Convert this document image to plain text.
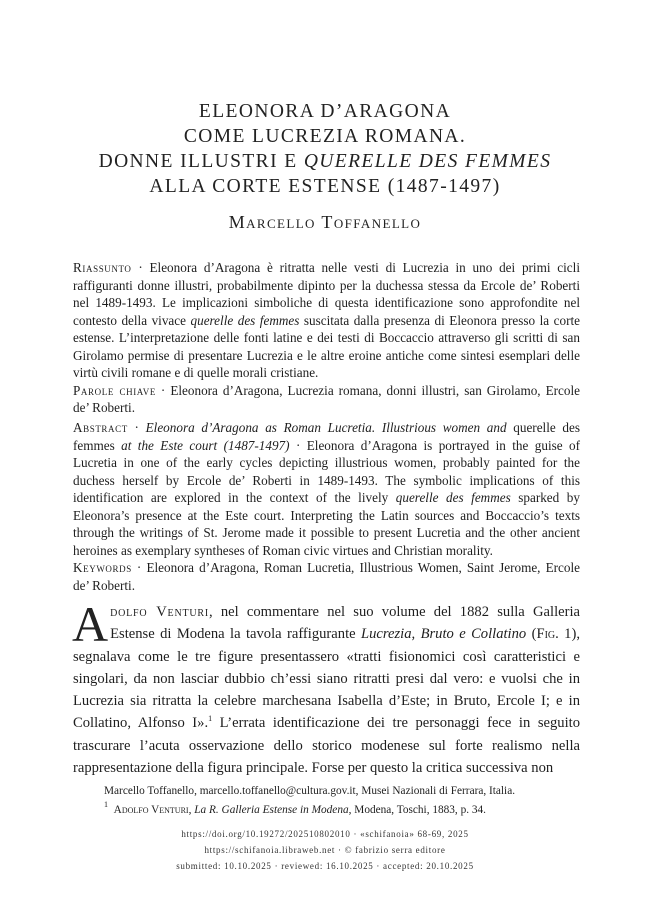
ELEONORA D’ARAGONA
COME LUCREZIA ROMANA.
DONNE ILLUSTRI E QUERELLE DES FEMMES
ALLA CORTE ESTENSE (1487-1497)
Marcello Toffanello

Riassunto · Eleonora d’Aragona è ritratta nelle vesti di Lucrezia in uno dei primi cicli raffiguranti donne illustri, probabilmente dipinto per la duchessa stessa da Ercole de’ Roberti nel 1489-1493. Le implicazioni simboliche di questa identificazione sono approfondite nel contesto della vivace querelle des femmes suscitata dalla presenza di Eleonora presso la corte estense. L’interpretazione delle fonti latine e dei testi di Boccaccio attraverso gli scritti di san Girolamo permise di presentare Lucrezia e le altre eroine antiche come sintesi esemplari delle virtù civili romane e di quelle morali cristiane.

Parole chiave · Eleonora d’Aragona, Lucrezia romana, donni illustri, san Girolamo, Ercole de’ Roberti.

Abstract · Eleonora d’Aragona as Roman Lucretia. Illustrious women and querelle des femmes at the Este court (1487-1497) · Eleonora d’Aragona is portrayed in the guise of Lucretia in one of the early cycles depicting illustrious women, probably painted for the duchess herself by Ercole de’ Roberti in 1489-1493. The symbolic implications of this identification are explored in the context of the lively querelle des femmes sparked by Eleonora’s presence at the Este court. Interpreting the Latin sources and Boccaccio’s texts through the writings of St. Jerome made it possible to present Lucretia and the other ancient heroines as exemplary syntheses of Roman civic virtues and Christian morality.

Keywords · Eleonora d’Aragona, Roman Lucretia, Illustrious Women, Saint Jerome, Ercole de’ Roberti.

Adolfo Venturi, nel commentare nel suo volume del 1882 sulla Galleria Estense di Modena la tavola raffigurante Lucrezia, Bruto e Collatino (Fig. 1), segnalava come le tre figure presentassero «tratti fisionomici così caratteristici e singolari, da non lasciar dubbio ch’essi siano ritratti presi dal vero: e vuolsi che in Lucrezia sia ritratta la celebre marchesana Isabella d’Este; in Bruto, Ercole I; e in Collatino, Alfonso I».$^1$ L’errata identificazione dei tre personaggi fece in seguito trascurare l’acuta osservazione dello storico modenese sul forte realismo nella rappresentazione della figura principale. Forse per questo la critica successiva non
Marcello Toffanello, marcello.toffanello@cultura.gov.it, Musei Nazionali di Ferrara, Italia.
$^1$ Adolfo Venturi, La R. Galleria Estense in Modena, Modena, Toschi, 1883, p. 34.
https://doi.org/10.19272/202510802010 · «schifanoia» 68-69, 2025
https://schifanoia.libraweb.net · © fabrizio serra editore
submitted: 10.10.2025 · reviewed: 16.10.2025 · accepted: 20.10.2025
